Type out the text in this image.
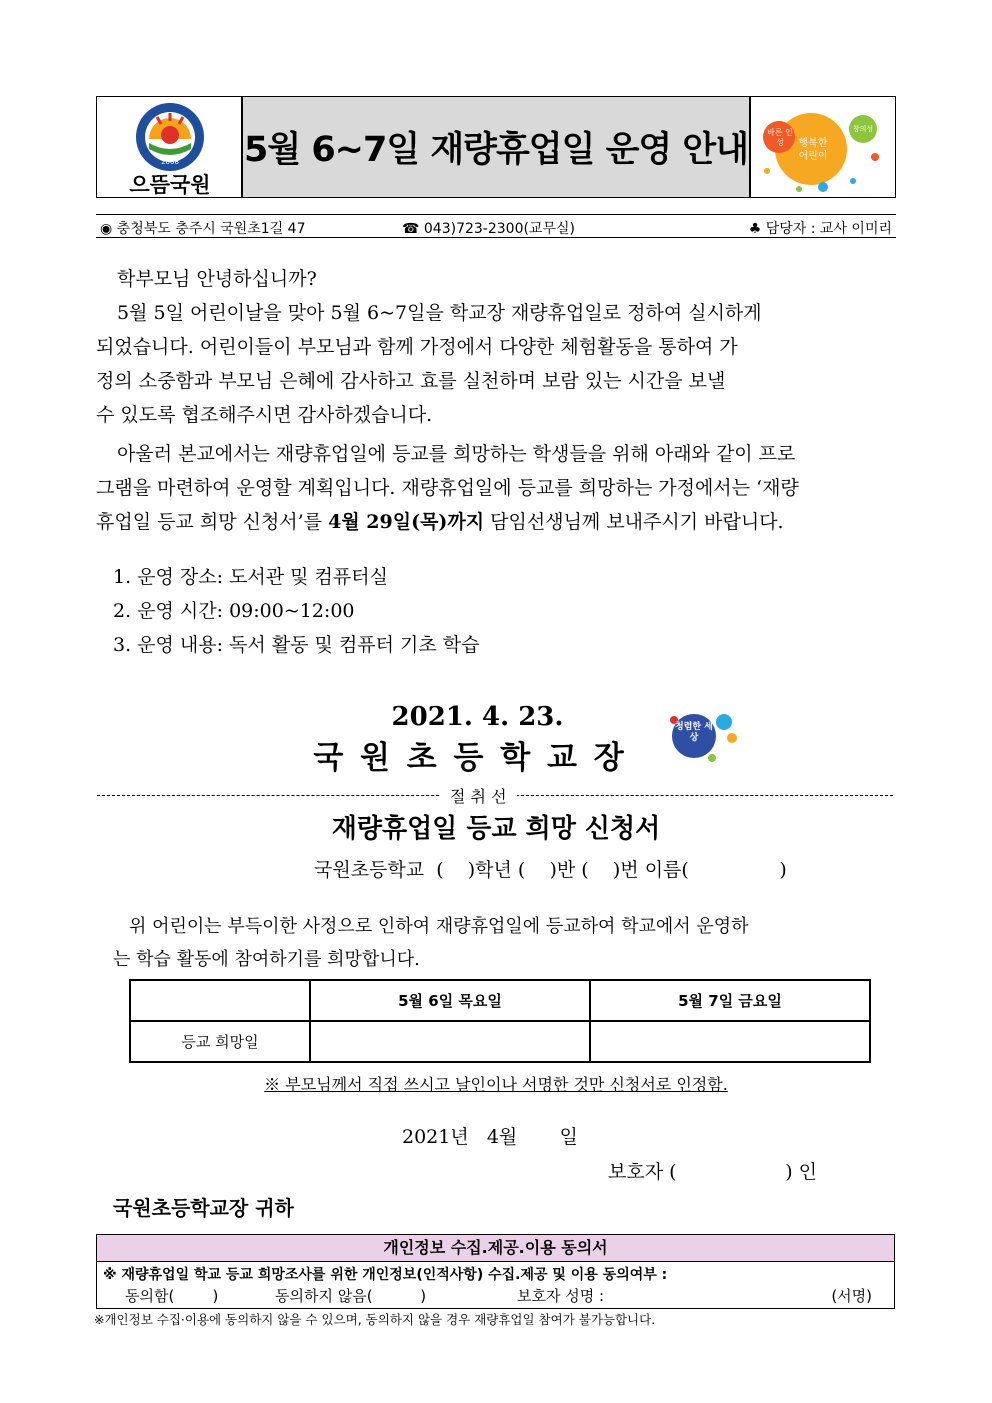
2008
으뜸국원
5월 6~7일 재량휴업일 운영 안내	바른 인성
창의성
행복한 어린이
◉ 충청북도 충주시 국원초1길 47	☎ 043)723-2300(교무실)	♣ 담당자 : 교사 이미리
학부모님 안녕하십니까?
5월 5일 어린이날을 맞아 5월 6~7일을 학교장 재량휴업일로 정하여 실시하게
되었습니다. 어린이들이 부모님과 함께 가정에서 다양한 체험활동을 통하여 가
정의 소중함과 부모님 은혜에 감사하고 효를 실천하며 보람 있는 시간을 보낼
수 있도록 협조해주시면 감사하겠습니다.
아울러 본교에서는 재량휴업일에 등교를 희망하는 학생들을 위해 아래와 같이 프로
그램을 마련하여 운영할 계획입니다. 재량휴업일에 등교를 희망하는 가정에서는 ‘재량
휴업일 등교 희망 신청서’를 4월 29일(목)까지 담임선생님께 보내주시기 바랍니다.
1. 운영 장소: 도서관 및 컴퓨터실
2. 운영 시간: 09:00~12:00
3. 운영 내용: 독서 활동 및 컴퓨터 기초 학습
2021. 4. 23.
국 원 초 등 학 교 장
청렴한 세상
절 취 선
재량휴업일 등교 희망 신청서
국원초등학교  (    )학년 (    )반 (    )번 이름(               )
위 어린이는 부득이한 사정으로 인하여 재량휴업일에 등교하여 학교에서 운영하
는 학습 활동에 참여하기를 희망합니다.
	5월 6일 목요일	5월 7일 금요일
등교 희망일		
※ 부모님께서 직접 쓰시고 날인이나 서명한 것만 신청서로 인정함.
2021년   4월       일
보호자 (                  ) 인
국원초등학교장 귀하
개인정보 수집.제공.이용 동의서
※ 재량휴업일 학교 등교 희망조사를 위한 개인정보(인적사항) 수집.제공 및 이용 동의여부 :
동의함(        )	동의하지 않음(          )	보호자 성명 :	(서명)
※개인정보 수집·이용에 동의하지 않을 수 있으며, 동의하지 않을 경우 재량휴업일 참여가 불가능합니다.
